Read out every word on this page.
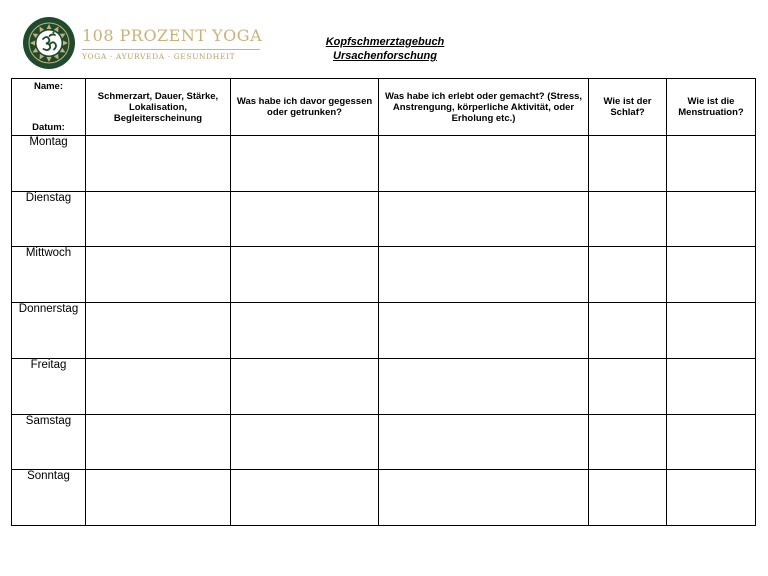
108 PROZENT YOGA
YOGA · AYURVEDA · GESUNDHEIT
Kopfschmerztagebuch
Ursachenforschung
Name:
Datum:	Schmerzart, Dauer, Stärke, Lokalisation, Begleiterscheinung	Was habe ich davor gegessen oder getrunken?	Was habe ich erlebt oder gemacht? (Stress, Anstrengung, körperliche Aktivität, oder Erholung etc.)	Wie ist der Schlaf?	Wie ist die Menstruation?
Montag					
Dienstag					
Mittwoch					
Donnerstag					
Freitag					
Samstag					
Sonntag					
